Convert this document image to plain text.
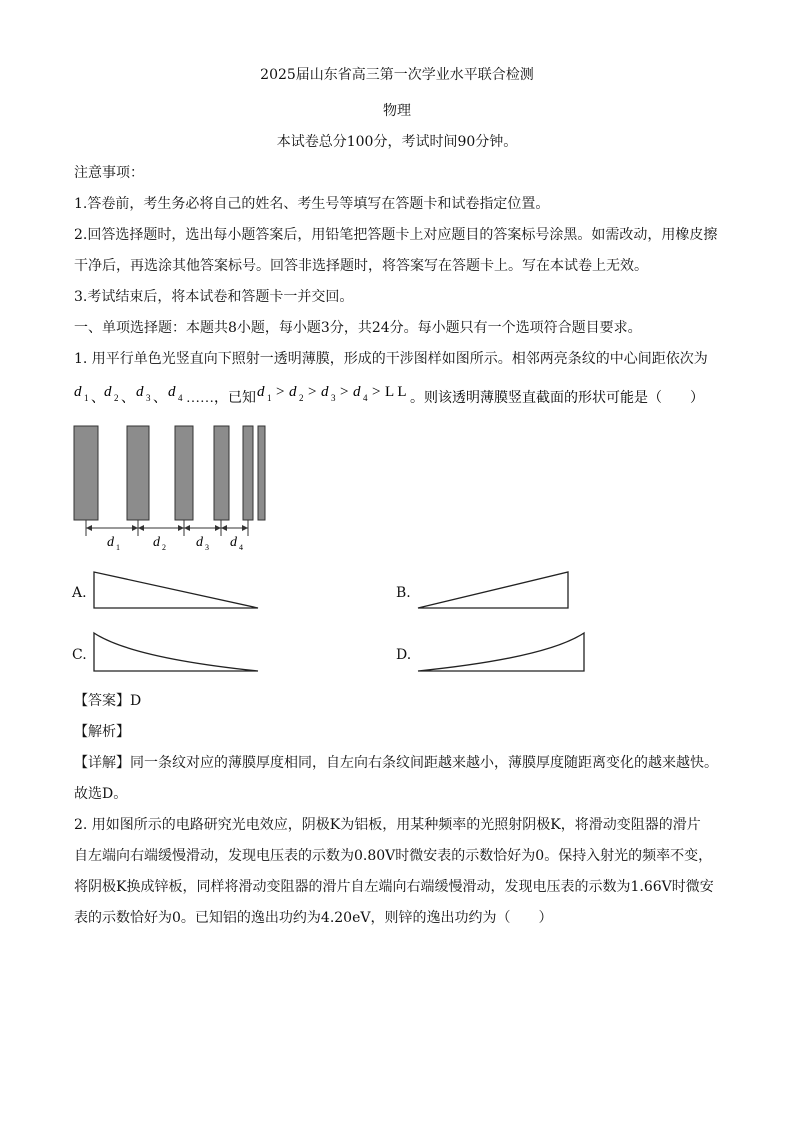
2025届山东省高三第一次学业水平联合检测
物理
本试卷总分100分，考试时间90分钟。
注意事项：
1.答卷前，考生务必将自己的姓名、考生号等填写在答题卡和试卷指定位置。
2.回答选择题时，选出每小题答案后，用铅笔把答题卡上对应题目的答案标号涂黑。如需改动，用橡皮擦
干净后，再选涂其他答案标号。回答非选择题时，将答案写在答题卡上。写在本试卷上无效。
3.考试结束后，将本试卷和答题卡一并交回。
一、单项选择题：本题共8小题，每小题3分，共24分。每小题只有一个选项符合题目要求。
1. 用平行单色光竖直向下照射一透明薄膜，形成的干涉图样如图所示。相邻两亮条纹的中心间距依次为
d 1 、 d 2 、 d 3 、 d 4 ……，已知 d 1 > d 2 > d 3 > d 4 > L L 。则该透明薄膜竖直截面的形状可能是（　　）
d 1 d 2 d 3 d 4
A.	B.
C.	D.
【答案】D
【解析】
【详解】同一条纹对应的薄膜厚度相同，自左向右条纹间距越来越小，薄膜厚度随距离变化的越来越快。
故选D。
2. 用如图所示的电路研究光电效应，阴极K为铝板，用某种频率的光照射阴极K，将滑动变阻器的滑片
自左端向右端缓慢滑动，发现电压表的示数为0.80V时微安表的示数恰好为0。保持入射光的频率不变，
将阴极K换成锌板，同样将滑动变阻器的滑片自左端向右端缓慢滑动，发现电压表的示数为1.66V时微安
表的示数恰好为0。已知铝的逸出功约为4.20eV，则锌的逸出功约为（　　）
